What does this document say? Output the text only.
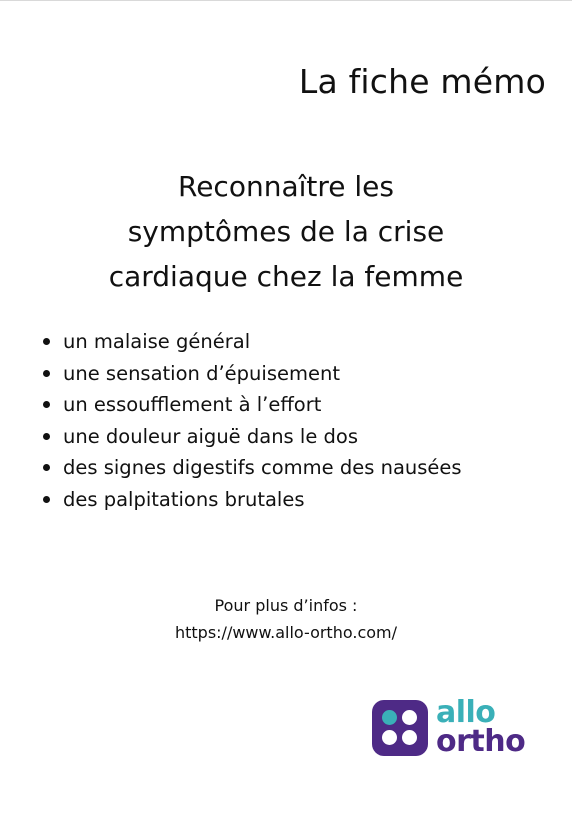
La fiche mémo
Reconnaître les
symptômes de la crise
cardiaque chez la femme
un malaise général
une sensation d’épuisement
un essoufflement à l’effort
une douleur aiguë dans le dos
des signes digestifs comme des nausées
des palpitations brutales
Pour plus d’infos :
https://www.allo-ortho.com/
allo
ortho
